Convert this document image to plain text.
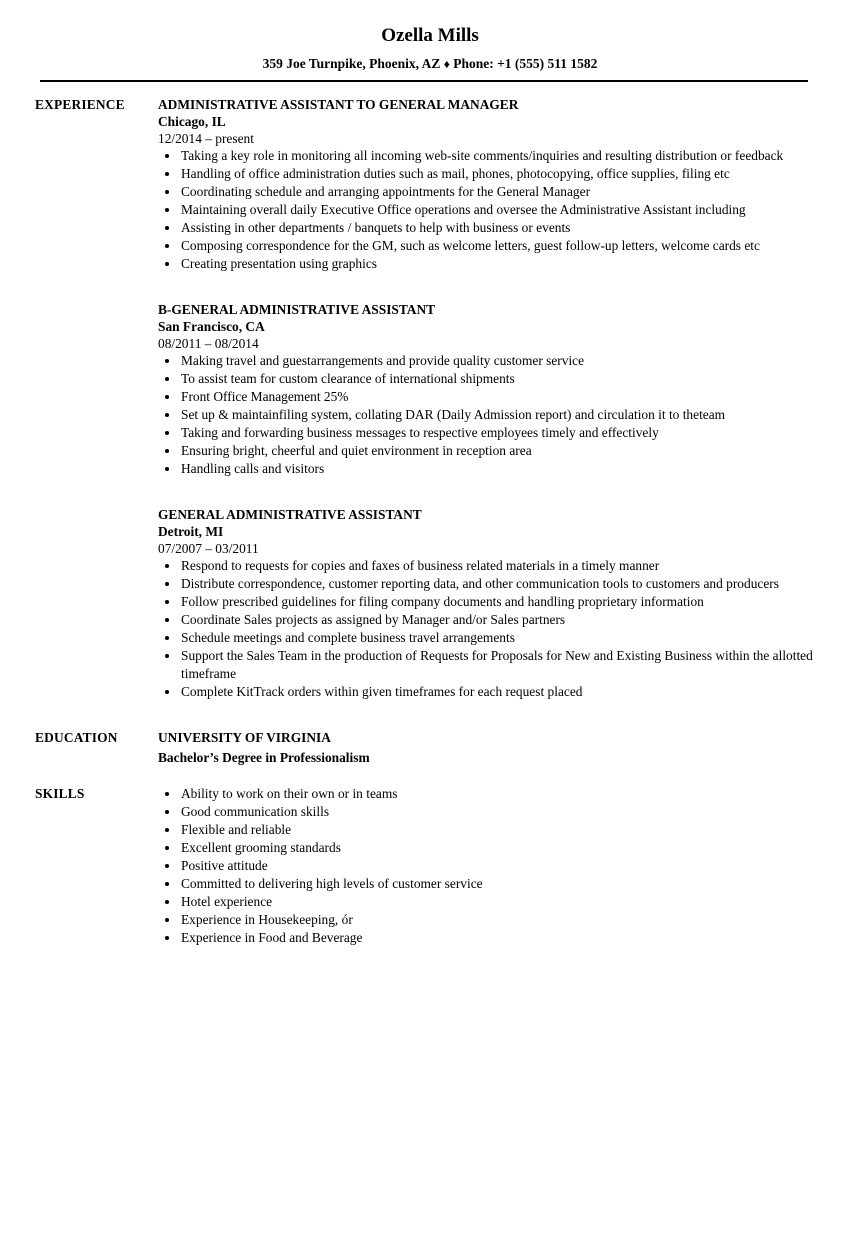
Ozella Mills
359 Joe Turnpike, Phoenix, AZ ♦ Phone: +1 (555) 511 1582
EXPERIENCE	ADMINISTRATIVE ASSISTANT TO GENERAL MANAGER
Chicago, IL
12/2014 – present
• Taking a key role in monitoring all incoming web-site comments/inquiries and resulting distribution or feedback
• Handling of office administration duties such as mail, phones, photocopying, office supplies, filing etc
• Coordinating schedule and arranging appointments for the General Manager
• Maintaining overall daily Executive Office operations and oversee the Administrative Assistant including
• Assisting in other departments / banquets to help with business or events
• Composing correspondence for the GM, such as welcome letters, guest follow-up letters, welcome cards etc
• Creating presentation using graphics
B-GENERAL ADMINISTRATIVE ASSISTANT
San Francisco, CA
08/2011 – 08/2014
• Making travel and guestarrangements and provide quality customer service
• To assist team for custom clearance of international shipments
• Front Office Management 25%
• Set up & maintainfiling system, collating DAR (Daily Admission report) and circulation it to theteam
• Taking and forwarding business messages to respective employees timely and effectively
• Ensuring bright, cheerful and quiet environment in reception area
• Handling calls and visitors
GENERAL ADMINISTRATIVE ASSISTANT
Detroit, MI
07/2007 – 03/2011
• Respond to requests for copies and faxes of business related materials in a timely manner
• Distribute correspondence, customer reporting data, and other communication tools to customers and producers
• Follow prescribed guidelines for filing company documents and handling proprietary information
• Coordinate Sales projects as assigned by Manager and/or Sales partners
• Schedule meetings and complete business travel arrangements
• Support the Sales Team in the production of Requests for Proposals for New and Existing Business within the allotted timeframe
• Complete KitTrack orders within given timeframes for each request placed
EDUCATION	UNIVERSITY OF VIRGINIA
Bachelor’s Degree in Professionalism
SKILLS	• Ability to work on their own or in teams
• Good communication skills
• Flexible and reliable
• Excellent grooming standards
• Positive attitude
• Committed to delivering high levels of customer service
• Hotel experience
• Experience in Housekeeping, ór
• Experience in Food and Beverage
